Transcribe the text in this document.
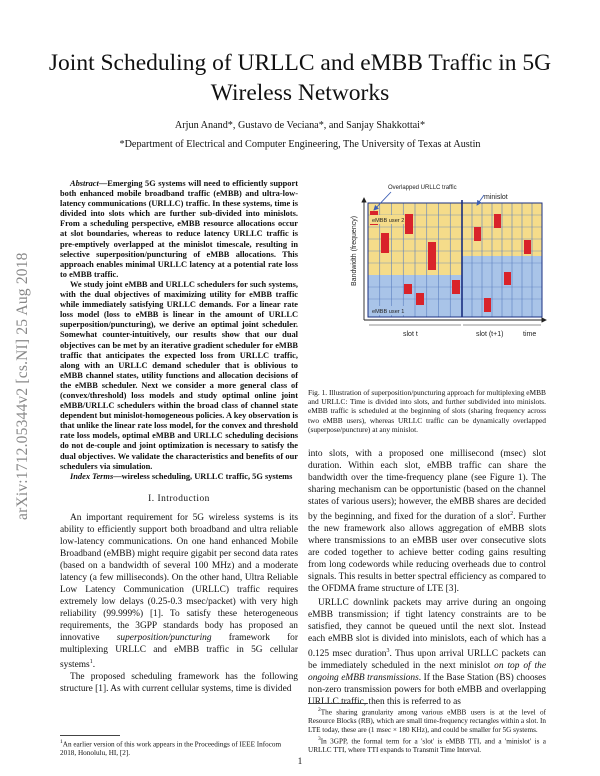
Joint Scheduling of URLLC and eMBB Traffic in 5G Wireless Networks
Arjun Anand*, Gustavo de Veciana*, and Sanjay Shakkottai*
*Department of Electrical and Computer Engineering, The University of Texas at Austin
arXiv:1712.05344v2 [cs.NI] 25 Aug 2018

Abstract—Emerging 5G systems will need to efficiently support both enhanced mobile broadband traffic (eMBB) and ultra-low-latency communications (URLLC) traffic. In these systems, time is divided into slots which are further sub-divided into minislots. From a scheduling perspective, eMBB resource allocations occur at slot boundaries, whereas to reduce latency URLLC traffic is pre-emptively overlapped at the minislot timescale, resulting in selective superposition/puncturing of eMBB allocations. This approach enables minimal URLLC latency at a potential rate loss to eMBB traffic.

We study joint eMBB and URLLC schedulers for such systems, with the dual objectives of maximizing utility for eMBB traffic while immediately satisfying URLLC demands. For a linear rate loss model (loss to eMBB is linear in the amount of URLLC superposition/puncturing), we derive an optimal joint scheduler. Somewhat counter-intuitively, our results show that our dual objectives can be met by an iterative gradient scheduler for eMBB traffic that anticipates the expected loss from URLLC traffic, along with an URLLC demand scheduler that is oblivious to eMBB channel states, utility functions and allocation decisions of the eMBB scheduler. Next we consider a more general class of (convex/threshold) loss models and study optimal online joint eMBB/URLLC schedulers within the broad class of channel state dependent but minislot-homogeneous policies. A key observation is that unlike the linear rate loss model, for the convex and threshold rate loss models, optimal eMBB and URLLC scheduling decisions do not de-couple and joint optimization is necessary to satisfy the dual objectives. We validate the characteristics and benefits of our schedulers via simulation.

Index Terms—wireless scheduling, URLLC traffic, 5G systems

I. Introduction

An important requirement for 5G wireless systems is its ability to efficiently support both broadband and ultra reliable low-latency communications. On one hand enhanced Mobile Broadband (eMBB) might require gigabit per second data rates (based on a bandwidth of several 100 MHz) and a moderate latency (a few milliseconds). On the other hand, Ultra Reliable Low Latency Communication (URLLC) traffic requires extremely low delays (0.25-0.3 msec/packet) with very high reliability (99.999%) [1]. To satisfy these heterogeneous requirements, the 3GPP standards body has proposed an innovative superposition/puncturing framework for multiplexing URLLC and eMBB traffic in 5G cellular systems$^1$.

The proposed scheduling framework has the following structure [1]. As with current cellular systems, time is divided

$^1$An earlier version of this work appears in the Proceedings of IEEE Infocom 2018, Honolulu, HI, [2].
eMBB user 2
eMBB user 1
Overlapped URLLC traffic
minislot
Bandwidth (frequency)
slot t	slot (t+1)	time
Fig. 1. Illustration of superposition/puncturing approach for multiplexing eMBB and URLLC: Time is divided into slots, and further subdivided into minislots. eMBB traffic is scheduled at the beginning of slots (sharing frequency across two eMBB users), whereas URLLC traffic can be dynamically overlapped (superpose/puncture) at any minislot.

into slots, with a proposed one millisecond (msec) slot duration. Within each slot, eMBB traffic can share the bandwidth over the time-frequency plane (see Figure 1). The sharing mechanism can be opportunistic (based on the channel states of various users); however, the eMBB shares are decided by the beginning, and fixed for the duration of a slot$^2$. Further the new framework also allows aggregation of eMBB slots where transmissions to an eMBB user over consecutive slots are coded together to achieve better coding gains resulting from long codewords while reducing overheads due to control signals. This results in better spectral efficiency as compared to the OFDMA frame structure of LTE [3].

URLLC downlink packets may arrive during an ongoing eMBB transmission; if tight latency constraints are to be satisfied, they cannot be queued until the next slot. Instead each eMBB slot is divided into minislots, each of which has a 0.125 msec duration$^3$. Thus upon arrival URLLC packets can be immediately scheduled in the next minislot on top of the ongoing eMBB transmissions. If the Base Station (BS) chooses non-zero transmission powers for both eMBB and overlapping URLLC traffic, then this is referred to as

$^2$The sharing granularity among various eMBB users is at the level of Resource Blocks (RB), which are small time-frequency rectangles within a slot. In LTE today, these are (1 msec × 180 KHz), and could be smaller for 5G systems.

$^3$In 3GPP, the formal term for a 'slot' is eMBB TTI, and a 'minislot' is a URLLC TTI, where TTI expands to Transmit Time Interval.

1
